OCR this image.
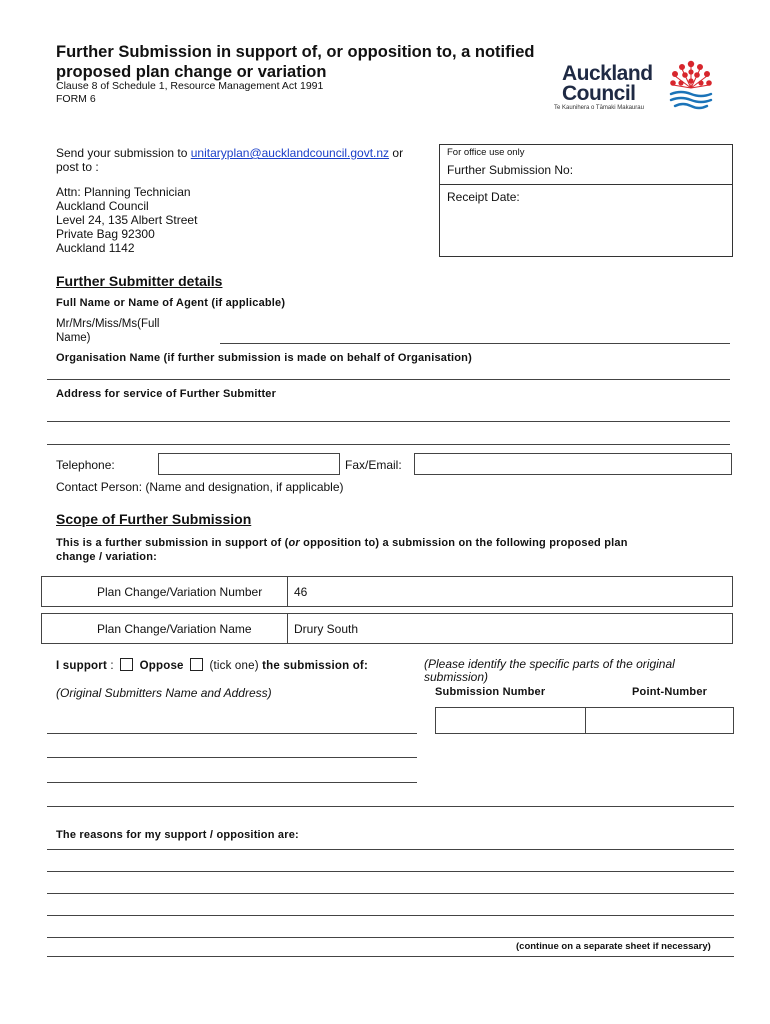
Further Submission in support of, or opposition to, a notified proposed plan change or variation
Clause 8 of Schedule 1, Resource Management Act 1991
FORM 6
Auckland
Council
Te Kaunihera o Tāmaki Makaurau
Send your submission to unitaryplan@aucklandcouncil.govt.nz or
post to :
Attn: Planning Technician
Auckland Council
Level 24, 135 Albert Street
Private Bag 92300
Auckland 1142
For office use only
Further Submission No:
Receipt Date:
Further Submitter details
Full Name or Name of Agent (if applicable)
Mr/Mrs/Miss/Ms(Full
Name)
Organisation Name (if further submission is made on behalf of Organisation)
Address for service of Further Submitter
Telephone:	Fax/Email:
Contact Person: (Name and designation, if applicable)
Scope of Further Submission
This is a further submission in support of (or opposition to) a submission on the following proposed plan
change / variation:
Plan Change/Variation Number	46
Plan Change/Variation Name	Drury South
I support : Oppose (tick one) the submission of:
(Original Submitters Name and Address)
(Please identify the specific parts of the original
submission)
Submission Number	Point-Number
The reasons for my support / opposition are:
(continue on a separate sheet if necessary)
